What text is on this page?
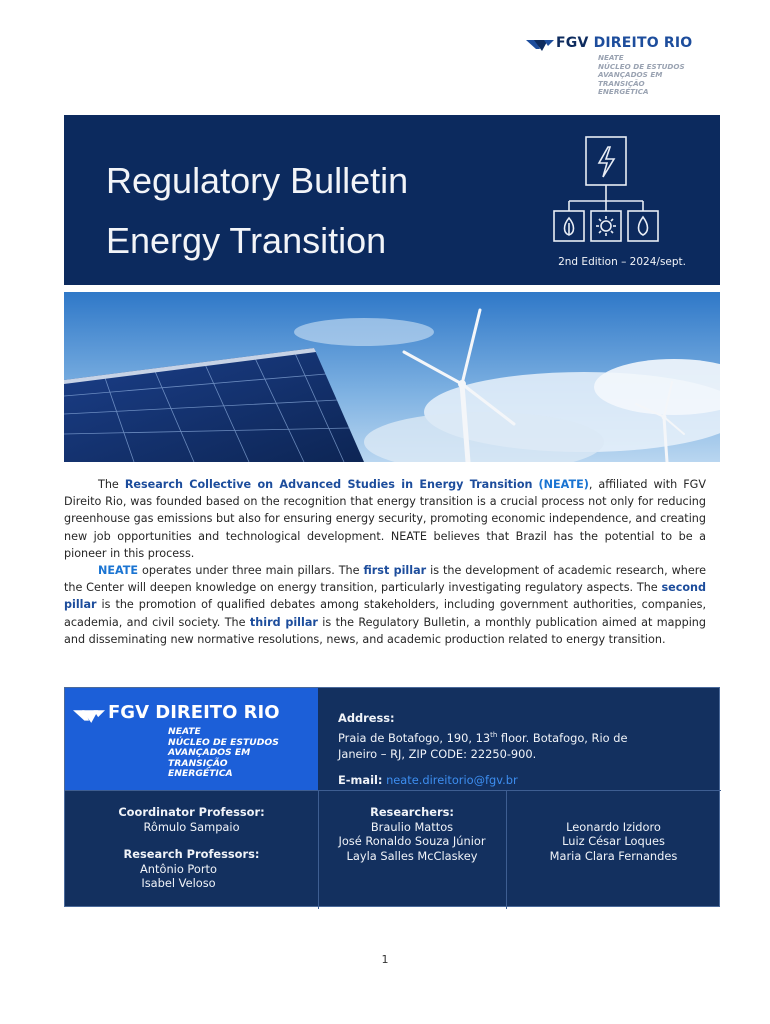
FGV DIREITO RIO
NEATE
NÚCLEO DE ESTUDOS
AVANÇADOS EM
TRANSIÇÃO
ENERGÉTICA
Regulatory Bulletin
Energy Transition
2nd Edition – 2024/sept.

The Research Collective on Advanced Studies in Energy Transition (NEATE), affiliated with FGV Direito Rio, was founded based on the recognition that energy transition is a crucial process not only for reducing greenhouse gas emissions but also for ensuring energy security, promoting economic independence, and creating new job opportunities and technological development. NEATE believes that Brazil has the potential to be a pioneer in this process.

NEATE operates under three main pillars. The first pillar is the development of academic research, where the Center will deepen knowledge on energy transition, particularly investigating regulatory aspects. The second pillar is the promotion of qualified debates among stakeholders, including government authorities, companies, academia, and civil society. The third pillar is the Regulatory Bulletin, a monthly publication aimed at mapping and disseminating new normative resolutions, news, and academic production related to energy transition.

FGV DIREITO RIO
NEATE
NÚCLEO DE ESTUDOS
AVANÇADOS EM
TRANSIÇÃO
ENERGÉTICA
Address:
Praia de Botafogo, 190, 13th floor. Botafogo, Rio de
Janeiro – RJ, ZIP CODE: 22250-900.
E-mail: neate.direitorio@fgv.br
Coordinator Professor:
Rômulo Sampaio
Research Professors:
Antônio Porto
Isabel Veloso
Researchers:
Braulio Mattos
José Ronaldo Souza Júnior
Layla Salles McClaskey
Leonardo Izidoro
Luiz César Loques
Maria Clara Fernandes
1
